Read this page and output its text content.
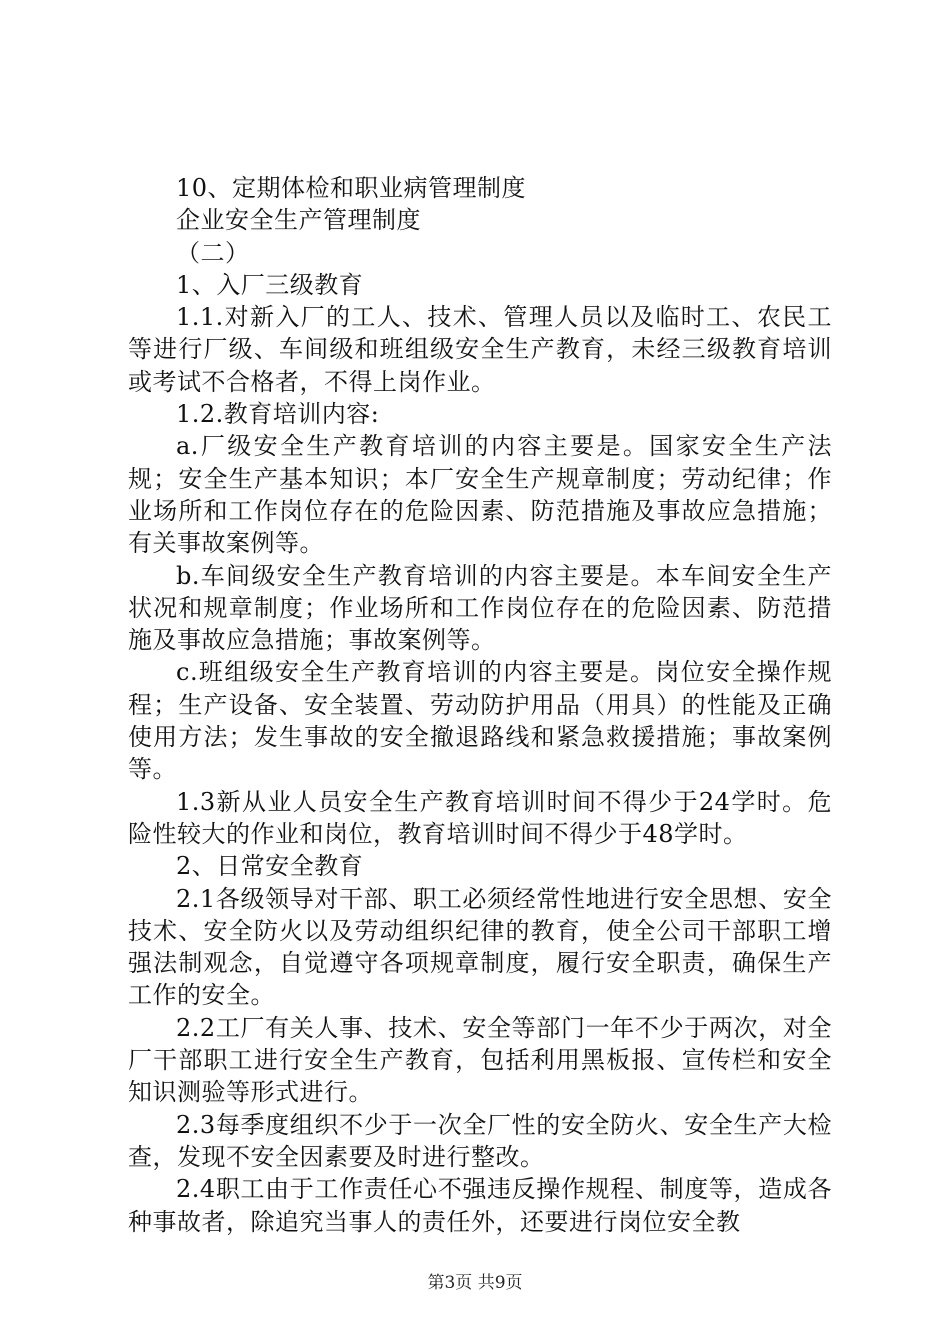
10、定期体检和职业病管理制度

企业安全生产管理制度

（二）

1、入厂三级教育

1.1.对新入厂的工人、技术、管理人员以及临时工、农民工等进行厂级、车间级和班组级安全生产教育，未经三级教育培训或考试不合格者，不得上岗作业。

1.2.教育培训内容:

a.厂级安全生产教育培训的内容主要是。国家安全生产法规；安全生产基本知识；本厂安全生产规章制度；劳动纪律；作业场所和工作岗位存在的危险因素、防范措施及事故应急措施；有关事故案例等。

b.车间级安全生产教育培训的内容主要是。本车间安全生产状况和规章制度；作业场所和工作岗位存在的危险因素、防范措施及事故应急措施；事故案例等。

c.班组级安全生产教育培训的内容主要是。岗位安全操作规程；生产设备、安全装置、劳动防护用品（用具）的性能及正确使用方法；发生事故的安全撤退路线和紧急救援措施；事故案例等。

1.3新从业人员安全生产教育培训时间不得少于24学时。危险性较大的作业和岗位，教育培训时间不得少于48学时。

2、日常安全教育

2.1各级领导对干部、职工必须经常性地进行安全思想、安全技术、安全防火以及劳动组织纪律的教育，使全公司干部职工增强法制观念，自觉遵守各项规章制度，履行安全职责，确保生产工作的安全。

2.2工厂有关人事、技术、安全等部门一年不少于两次，对全厂干部职工进行安全生产教育，包括利用黑板报、宣传栏和安全知识测验等形式进行。

2.3每季度组织不少于一次全厂性的安全防火、安全生产大检查，发现不安全因素要及时进行整改。

2.4职工由于工作责任心不强违反操作规程、制度等，造成各种事故者，除追究当事人的责任外，还要进行岗位安全教

第3页 共9页
